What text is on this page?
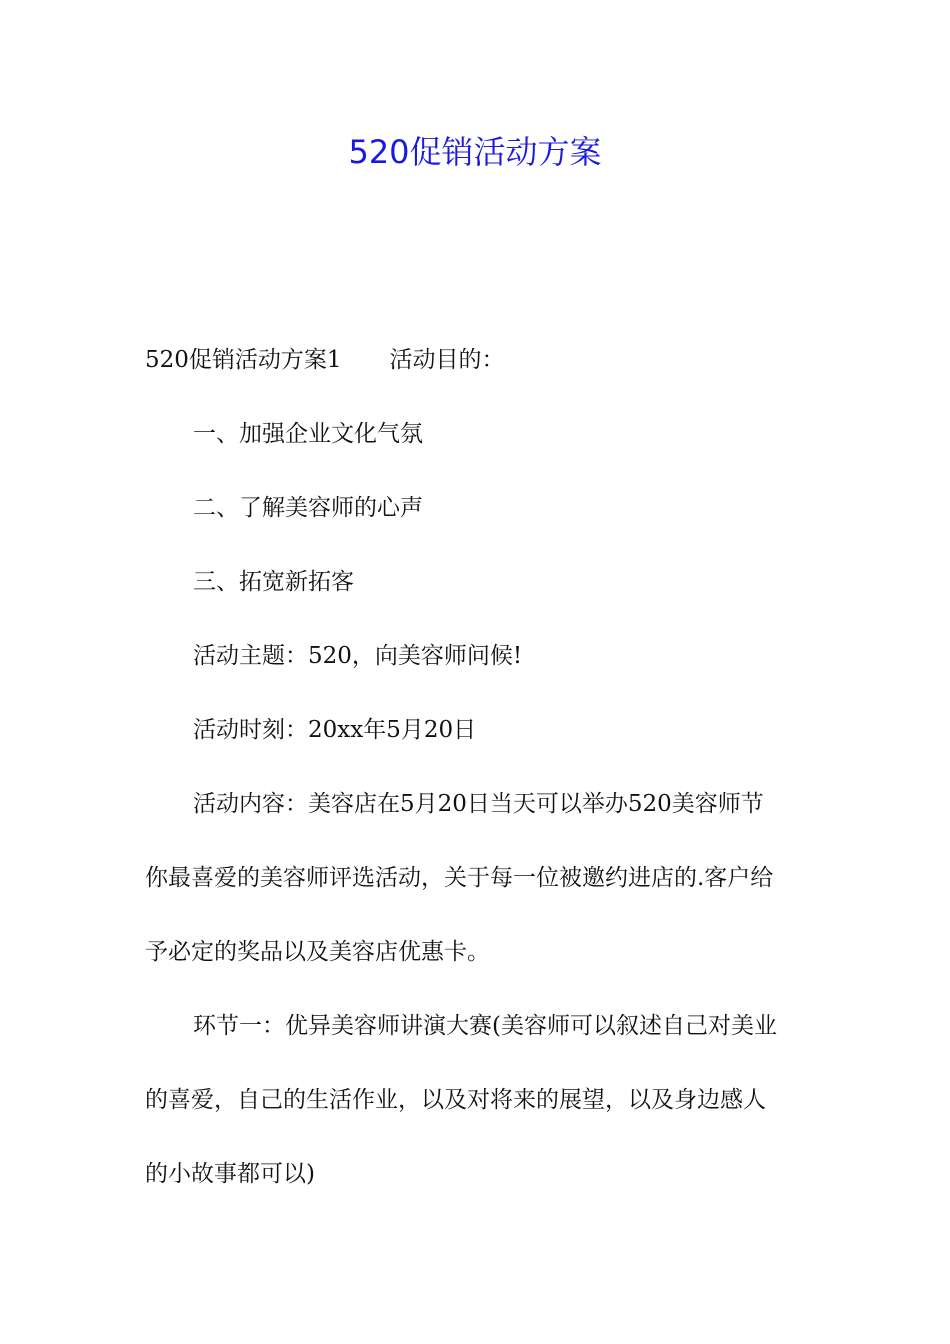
520促销活动方案
520促销活动方案1 活动目的：
一、加强企业文化气氛
二、了解美容师的心声
三、拓宽新拓客
活动主题：520，向美容师问候!
活动时刻：20xx年5月20日
活动内容：美容店在5月20日当天可以举办520美容师节
你最喜爱的美容师评选活动，关于每一位被邀约进店的.客户给
予必定的奖品以及美容店优惠卡。
环节一：优异美容师讲演大赛(美容师可以叙述自己对美业
的喜爱，自己的生活作业，以及对将来的展望，以及身边感人
的小故事都可以)
